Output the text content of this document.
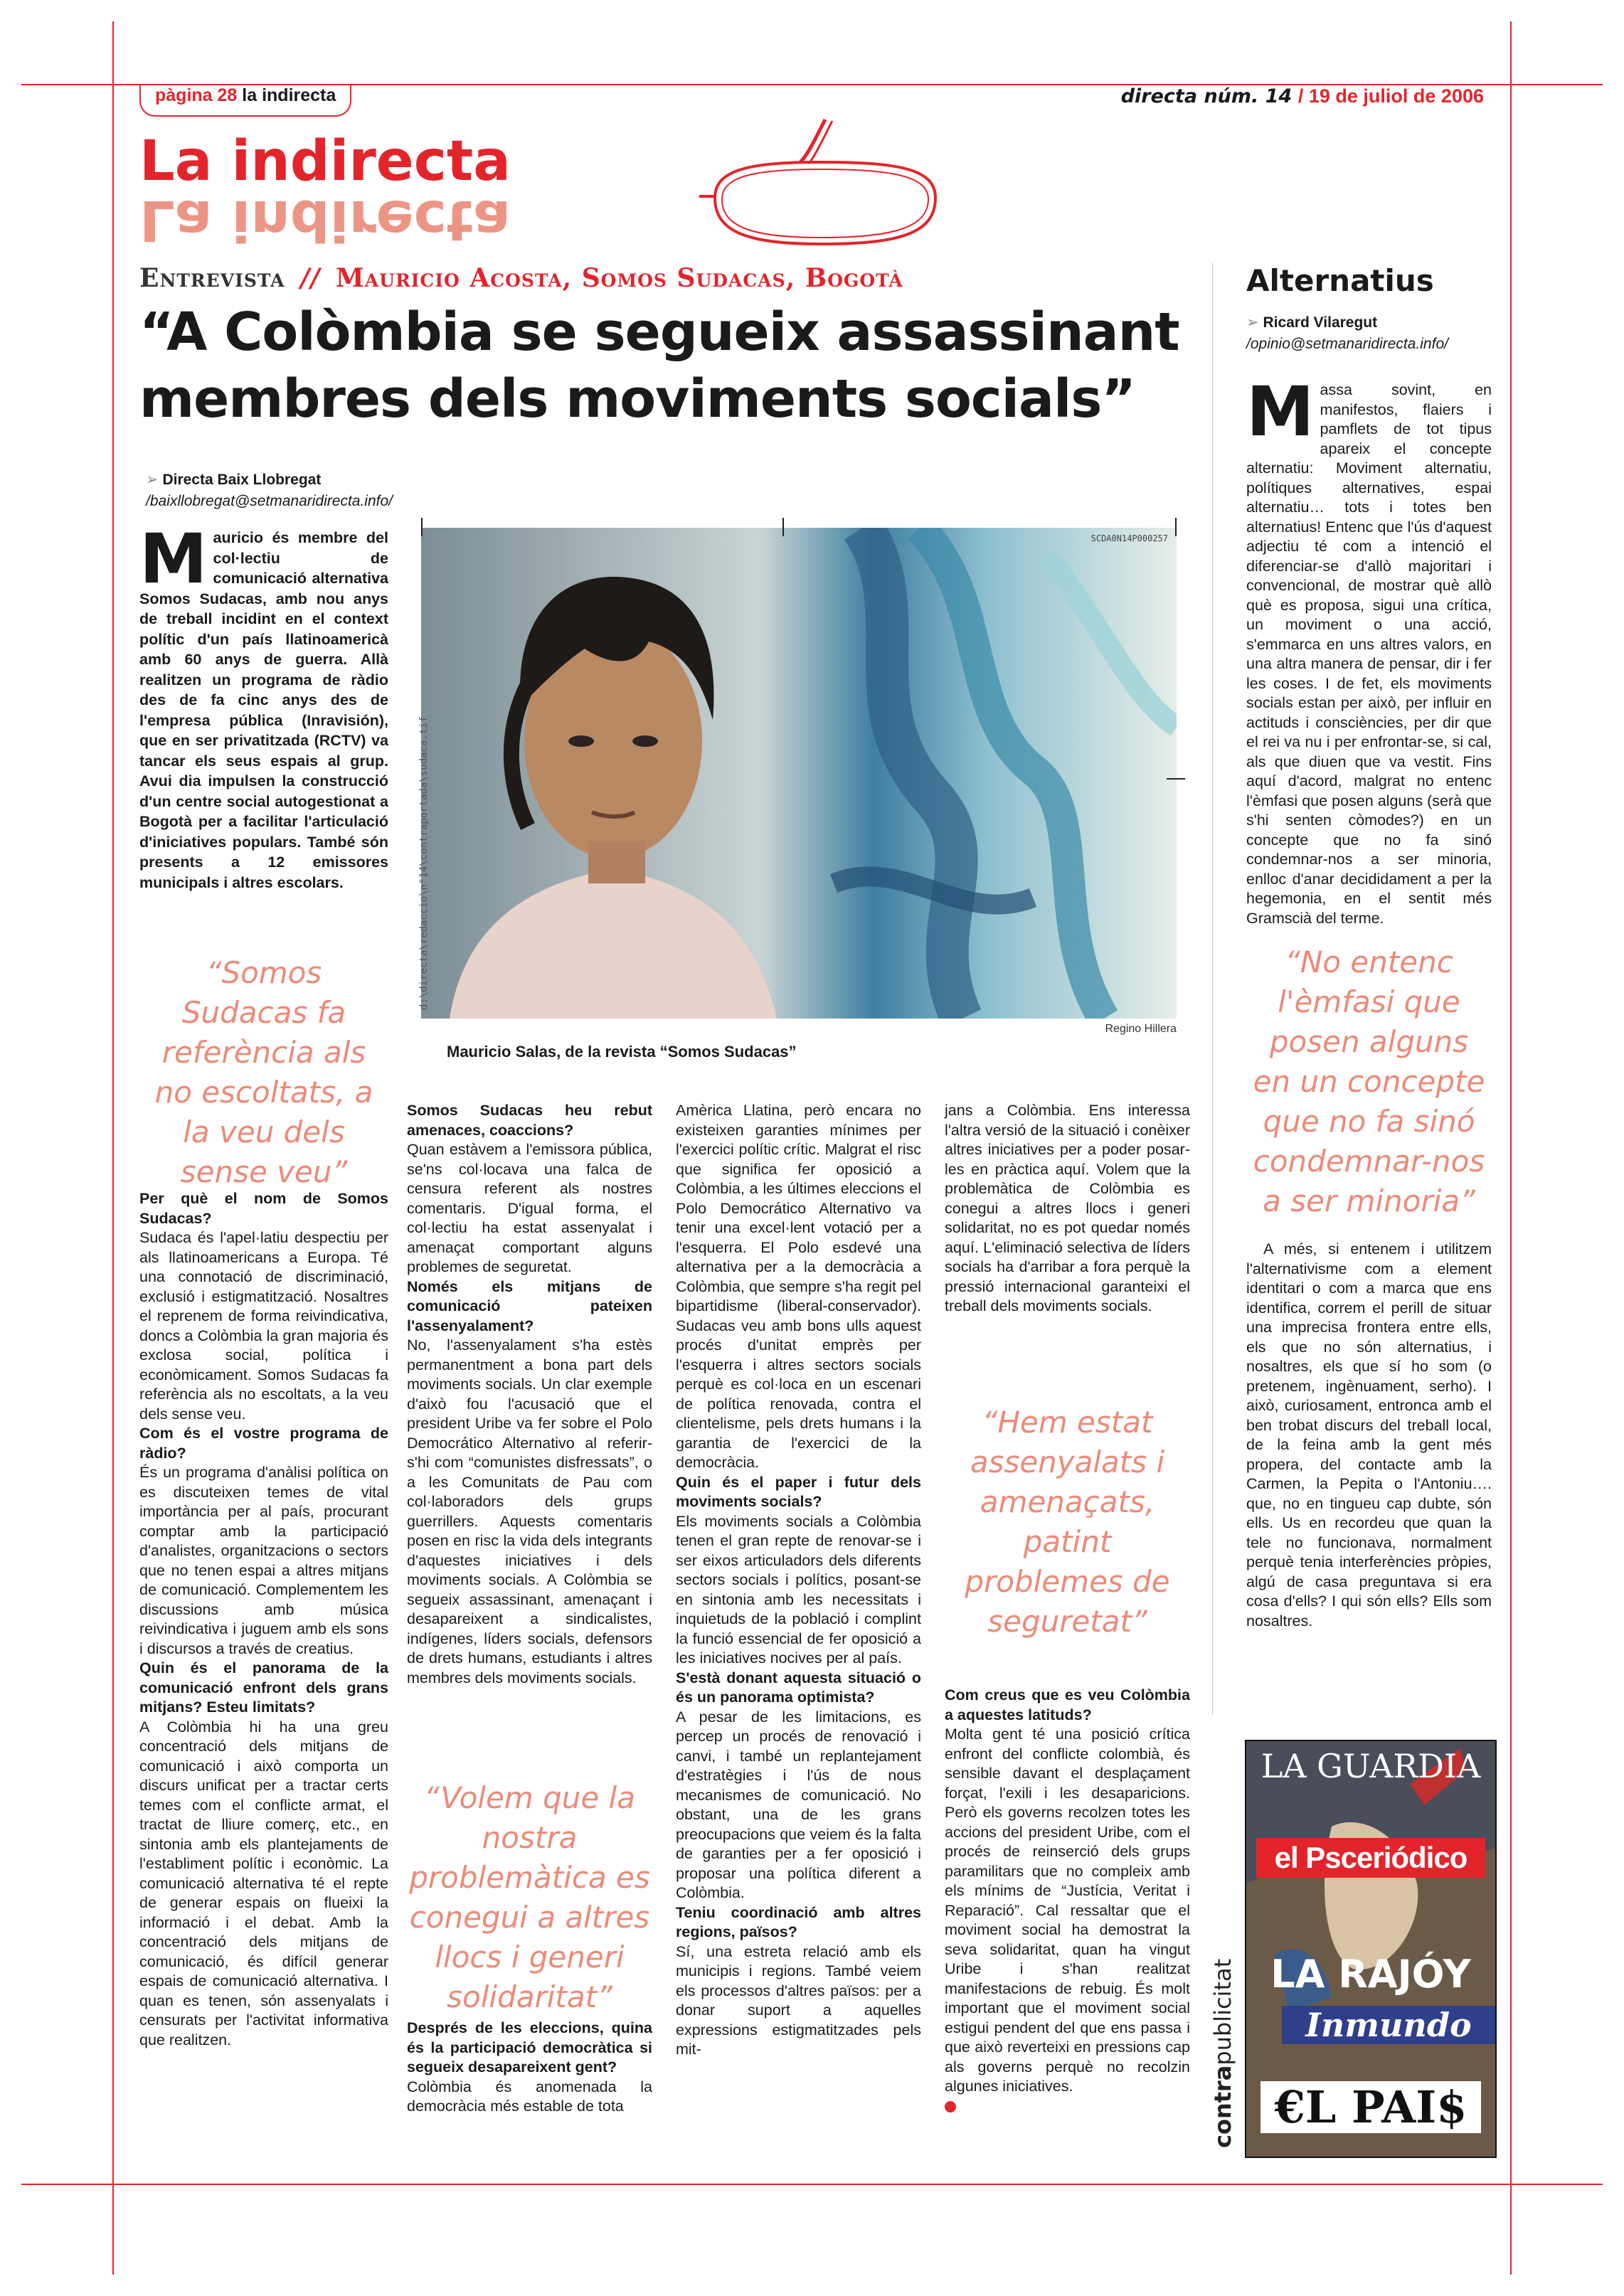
pàgina 28 la indirecta	directa núm. 14 / 19 de juliol de 2006
La indirecta
La indirecta
Entrevista // Mauricio Acosta, Somos Sudacas, Bogotà
“A Colòmbia se segueix assassinant
membres dels moviments socials”
➢ Directa Baix Llobregat
/baixllobregat@setmanaridirecta.info/
M auricio és membre del col·lectiu de comunicació alternativa Somos Sudacas, amb nou anys de treball incidint en el context polític d'un país llatinoamericà amb 60 anys de guerra. Allà realitzen un programa de ràdio des de fa cinc anys des de l'empresa pública (Inravisión), que en ser privatitzada (RCTV) va tancar els seus espais al grup. Avui dia impulsen la construcció d'un centre social autogestionat a Bogotà per a facilitar l'articulació d'iniciatives populars. També són presents a 12 emissores municipals i altres escolars.
SCDA0N14P000257
d:\directa\redaccio\n°14\contraportada\sudaca.tif
Regino Hillera
Mauricio Salas, de la revista “Somos Sudacas”
“Somos Sudacas fa referència als no escoltats, a la veu dels sense veu”

Per què el nom de Somos Sudacas?

Sudaca és l'apel·latiu despectiu per als llatinoamericans a Europa. Té una connotació de discriminació, exclusió i estigmatització. Nosaltres el reprenem de forma reivindicativa, doncs a Colòmbia la gran majoria és exclosa social, política i econòmicament. Somos Sudacas fa referència als no escoltats, a la veu dels sense veu.

Com és el vostre programa de ràdio?

És un programa d'anàlisi política on es discuteixen temes de vital importància per al país, procurant comptar amb la participació d'analistes, organitzacions o sectors que no tenen espai a altres mitjans de comunicació. Complementem les discussions amb música reivindicativa i juguem amb els sons i discursos a través de creatius.

Quin és el panorama de la comunicació enfront dels grans mitjans? Esteu limitats?

A Colòmbia hi ha una greu concentració dels mitjans de comunicació i això comporta un discurs unificat per a tractar certs temes com el conflicte armat, el tractat de lliure comerç, etc., en sintonia amb els plantejaments de l'establiment polític i econòmic. La comunicació alternativa té el repte de generar espais on flueixi la informació i el debat. Amb la concentració dels mitjans de comunicació, és difícil generar espais de comunicació alternativa. I quan es tenen, són assenyalats i censurats per l'activitat informativa que realitzen.

Somos Sudacas heu rebut amenaces, coaccions?

Quan estàvem a l'emissora pública, se'ns col·locava una falca de censura referent als nostres comentaris. D'igual forma, el col·lectiu ha estat assenyalat i amenaçat comportant alguns problemes de seguretat.

Només els mitjans de comunicació pateixen l'assenyalament?

No, l'assenyalament s'ha estès permanentment a bona part dels moviments socials. Un clar exemple d'això fou l'acusació que el president Uribe va fer sobre el Polo Democrático Alternativo al referir-s'hi com “comunistes disfressats”, o a les Comunitats de Pau com col·laboradors dels grups guerrillers. Aquests comentaris posen en risc la vida dels integrants d'aquestes iniciatives i dels moviments socials. A Colòmbia se segueix assassinant, amenaçant i desapareixent a sindicalistes, indígenes, líders socials, defensors de drets humans, estudiants i altres membres dels moviments socials.

“Volem que la nostra problemàtica es conegui a altres llocs i generi solidaritat”

Després de les eleccions, quina és la participació democràtica si segueix desapareixent gent?

Colòmbia és anomenada la democràcia més estable de tota

Amèrica Llatina, però encara no existeixen garanties mínimes per l'exercici polític crític. Malgrat el risc que significa fer oposició a Colòmbia, a les últimes eleccions el Polo Democrático Alternativo va tenir una excel·lent votació per a l'esquerra. El Polo esdevé una alternativa per a la democràcia a Colòmbia, que sempre s'ha regit pel bipartidisme (liberal-conservador). Sudacas veu amb bons ulls aquest procés d'unitat emprès per l'esquerra i altres sectors socials perquè es col·loca en un escenari de política renovada, contra el clientelisme, pels drets humans i la garantia de l'exercici de la democràcia.

Quin és el paper i futur dels moviments socials?

Els moviments socials a Colòmbia tenen el gran repte de renovar-se i ser eixos articuladors dels diferents sectors socials i polítics, posant-se en sintonia amb les necessitats i inquietuds de la població i complint la funció essencial de fer oposició a les iniciatives nocives per al país.

S'està donant aquesta situació o és un panorama optimista?

A pesar de les limitacions, es percep un procés de renovació i canvi, i també un replantejament d'estratègies i l'ús de nous mecanismes de comunicació. No obstant, una de les grans preocupacions que veiem és la falta de garanties per a fer oposició i proposar una política diferent a Colòmbia.

Teniu coordinació amb altres regions, països?

Sí, una estreta relació amb els municipis i regions. També veiem els processos d'altres països: per a donar suport a aquelles expressions estigmatitzades pels mit-

jans a Colòmbia. Ens interessa l'altra versió de la situació i conèixer altres iniciatives per a poder posar-les en pràctica aquí. Volem que la problemàtica de Colòmbia es conegui a altres llocs i generi solidaritat, no es pot quedar només aquí. L'eliminació selectiva de líders socials ha d'arribar a fora perquè la pressió internacional garanteixi el treball dels moviments socials.

“Hem estat assenyalats i amenaçats, patint problemes de seguretat”

Com creus que es veu Colòmbia a aquestes latituds?

Molta gent té una posició crítica enfront del conflicte colombià, és sensible davant el desplaçament forçat, l'exili i les desaparicions. Però els governs recolzen totes les accions del president Uribe, com el procés de reinserció dels grups paramilitars que no compleix amb els mínims de “Justícia, Veritat i Reparació”. Cal ressaltar que el moviment social ha demostrat la seva solidaritat, quan ha vingut Uribe i s'han realitzat manifestacions de rebuig. És molt important que el moviment social estigui pendent del que ens passa i que això reverteixi en pressions cap als governs perquè no recolzin algunes iniciatives.

Alternatius
➢ Ricard Vilaregut
/opinio@setmanaridirecta.info/
M assa sovint, en manifestos, flaiers i pamflets de tot tipus apareix el concepte alternatiu: Moviment alternatiu, polítiques alternatives, espai alternatiu… tots i totes ben alternatius! Entenc que l'ús d'aquest adjectiu té com a intenció el diferenciar-se d'allò majoritari i convencional, de mostrar què allò què es proposa, sigui una crítica, un moviment o una acció, s'emmarca en uns altres valors, en una altra manera de pensar, dir i fer les coses. I de fet, els moviments socials estan per això, per influir en actituds i consciències, per dir que el rei va nu i per enfrontar-se, si cal, als que diuen que va vestit. Fins aquí d'acord, malgrat no entenc l'èmfasi que posen alguns (serà que s'hi senten còmodes?) en un concepte que no fa sinó condemnar-nos a ser minoria, enlloc d'anar decididament a per la hegemonia, en el sentit més Gramscià del terme.
“No entenc l'èmfasi que posen alguns en un concepte que no fa sinó condemnar-nos a ser minoria”
A més, si entenem i utilitzem l'alternativisme com a element identitari o com a marca que ens identifica, correm el perill de situar una imprecisa frontera entre ells, els que no són alternatius, i nosaltres, els que sí ho som (o pretenem, ingènuament, serho). I això, curiosament, entronca amb el ben trobat discurs del treball local, de la feina amb la gent més propera, del contacte amb la Carmen, la Pepita o l'Antoniu…. que, no en tingueu cap dubte, són ells. Us en recordeu que quan la tele no funcionava, normalment perquè tenia interferències pròpies, algú de casa preguntava si era cosa d'ells? I qui són ells? Ells som nosaltres.
contrapublicitat
LA GUARDIA
el Psceriódico
LA RAJÓY
Inmundo
€L PAI$
